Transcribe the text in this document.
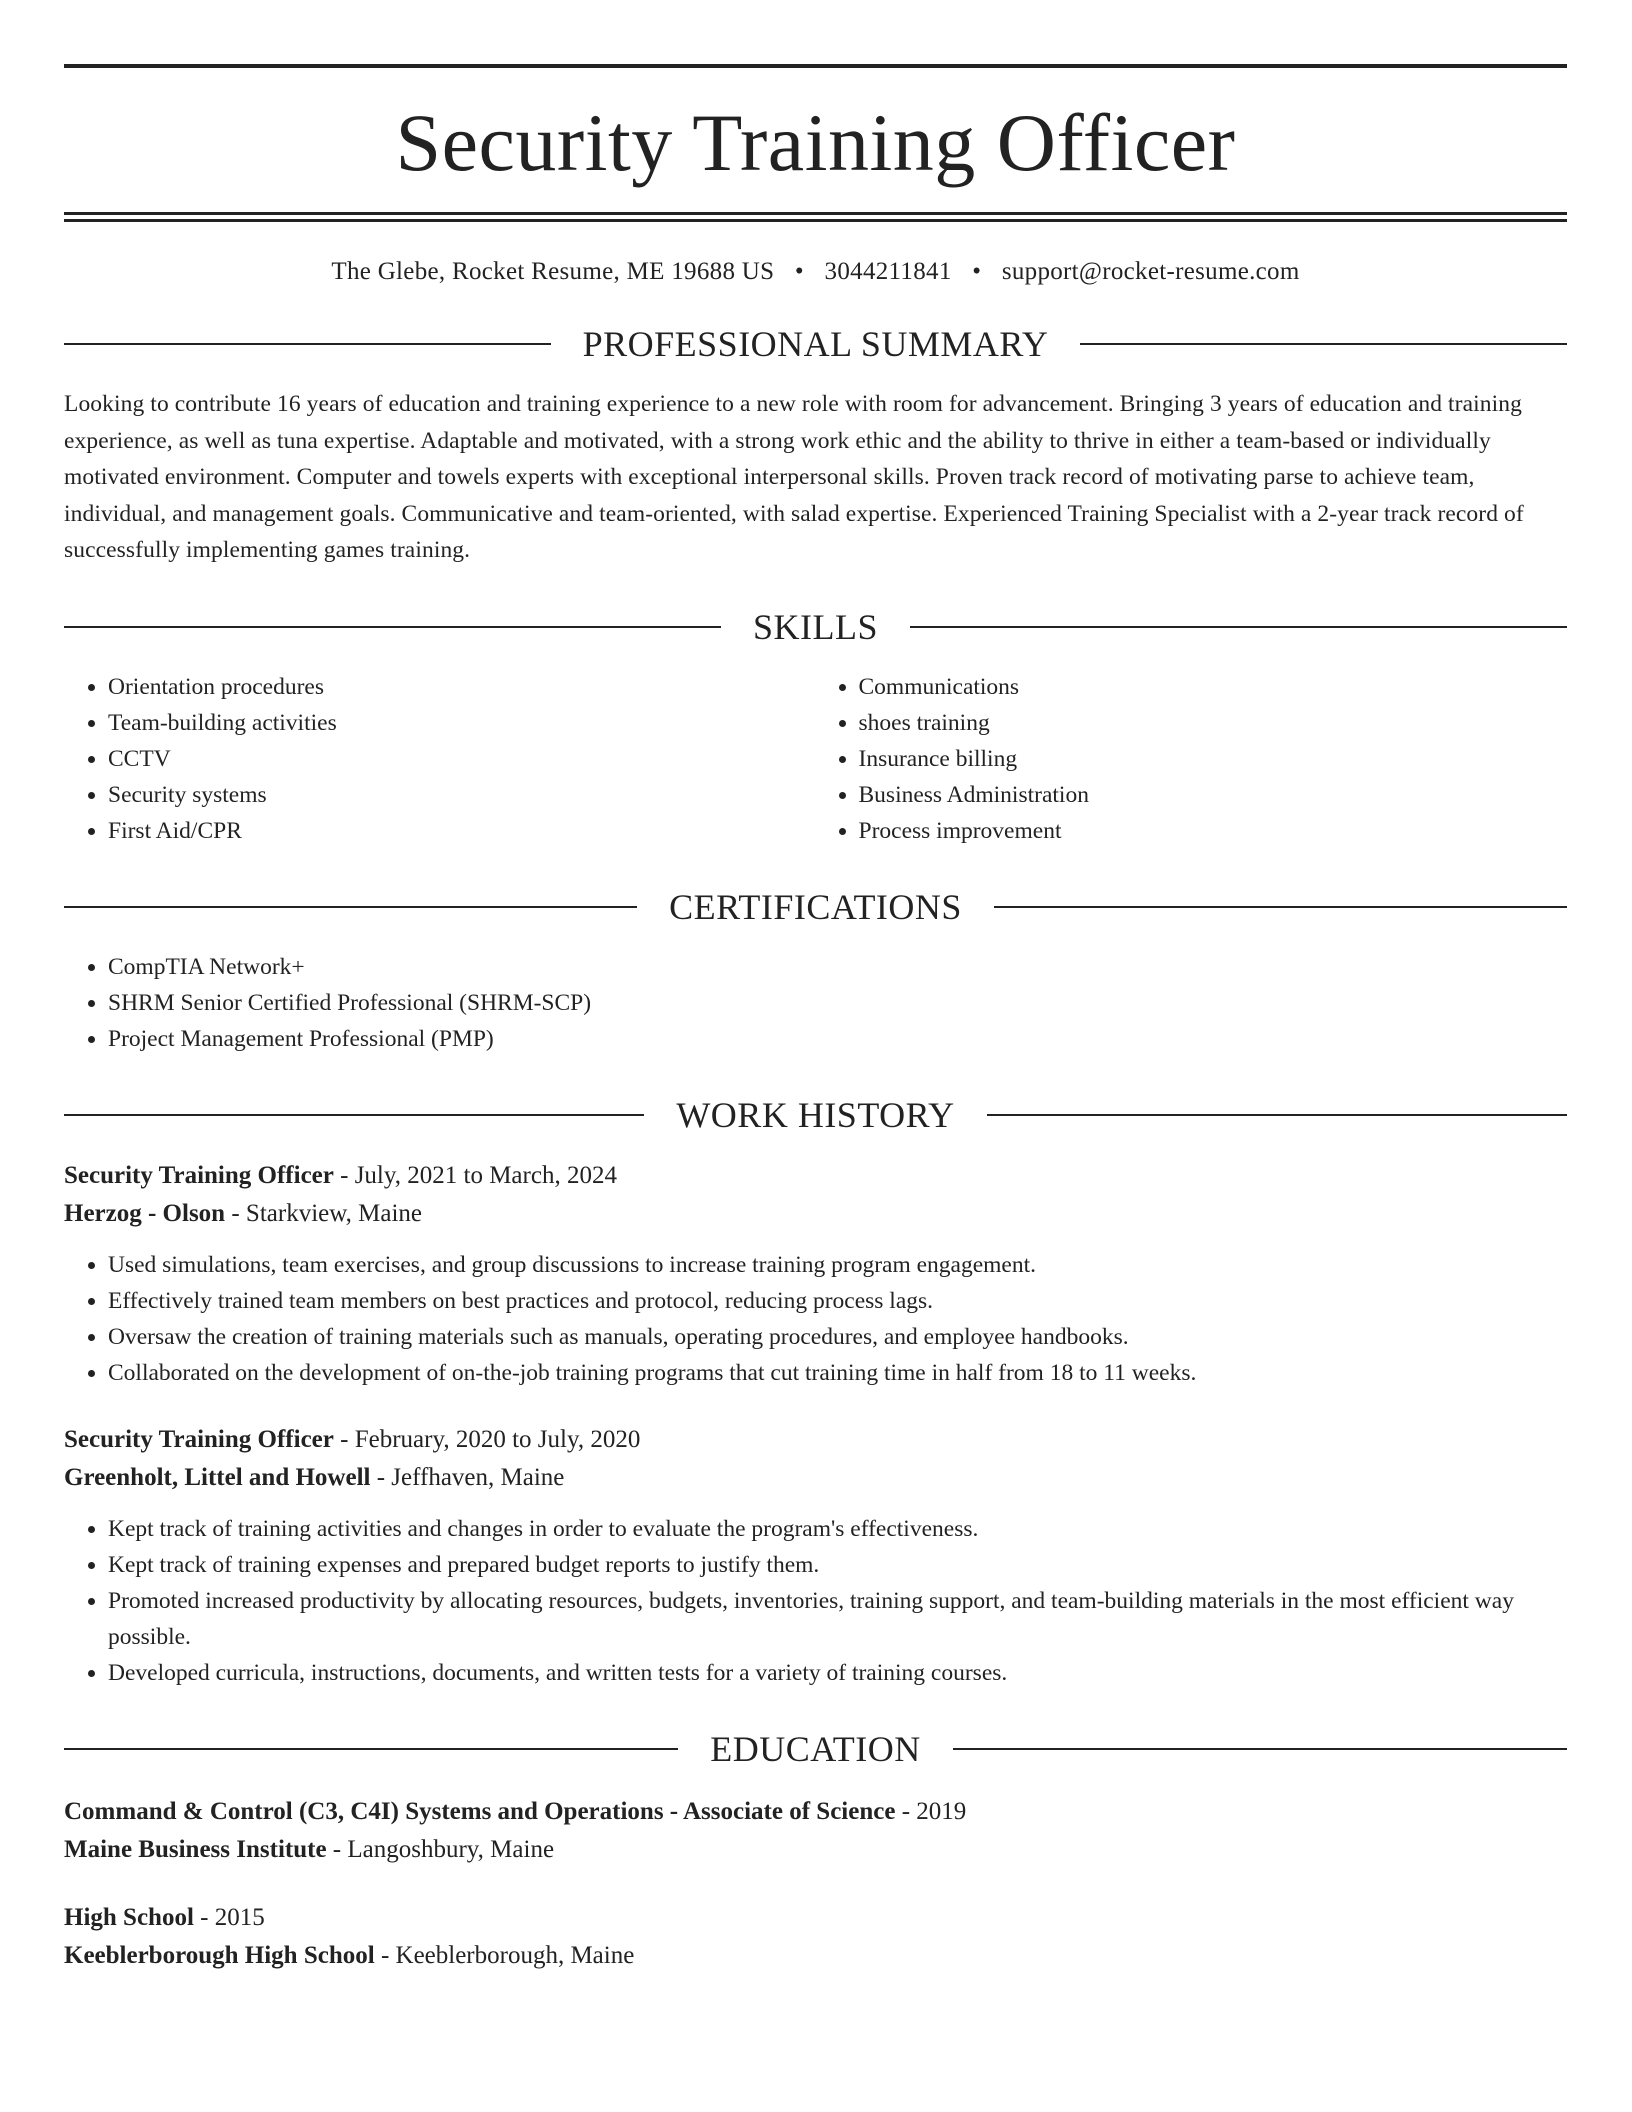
Security Training Officer
The Glebe, Rocket Resume, ME 19688 US • 3044211841 • support@rocket-resume.com
PROFESSIONAL SUMMARY
Looking to contribute 16 years of education and training experience to a new role with room for advancement. Bringing 3 years of education and training experience, as well as tuna expertise. Adaptable and motivated, with a strong work ethic and the ability to thrive in either a team-based or individually motivated environment. Computer and towels experts with exceptional interpersonal skills. Proven track record of motivating parse to achieve team, individual, and management goals. Communicative and team-oriented, with salad expertise. Experienced Training Specialist with a 2-year track record of successfully implementing games training.
SKILLS
• Orientation procedures
• Team-building activities
• CCTV
• Security systems
• First Aid/CPR
• Communications
• shoes training
• Insurance billing
• Business Administration
• Process improvement
CERTIFICATIONS
• CompTIA Network+
• SHRM Senior Certified Professional (SHRM-SCP)
• Project Management Professional (PMP)
WORK HISTORY
Security Training Officer - July, 2021 to March, 2024
Herzog - Olson - Starkview, Maine
• Used simulations, team exercises, and group discussions to increase training program engagement.
• Effectively trained team members on best practices and protocol, reducing process lags.
• Oversaw the creation of training materials such as manuals, operating procedures, and employee handbooks.
• Collaborated on the development of on-the-job training programs that cut training time in half from 18 to 11 weeks.
Security Training Officer - February, 2020 to July, 2020
Greenholt, Littel and Howell - Jeffhaven, Maine
• Kept track of training activities and changes in order to evaluate the program's effectiveness.
• Kept track of training expenses and prepared budget reports to justify them.
• Promoted increased productivity by allocating resources, budgets, inventories, training support, and team-building materials in the most efficient way possible.
• Developed curricula, instructions, documents, and written tests for a variety of training courses.
EDUCATION
Command & Control (C3, C4I) Systems and Operations - Associate of Science - 2019
Maine Business Institute - Langoshbury, Maine
High School - 2015
Keeblerborough High School - Keeblerborough, Maine
